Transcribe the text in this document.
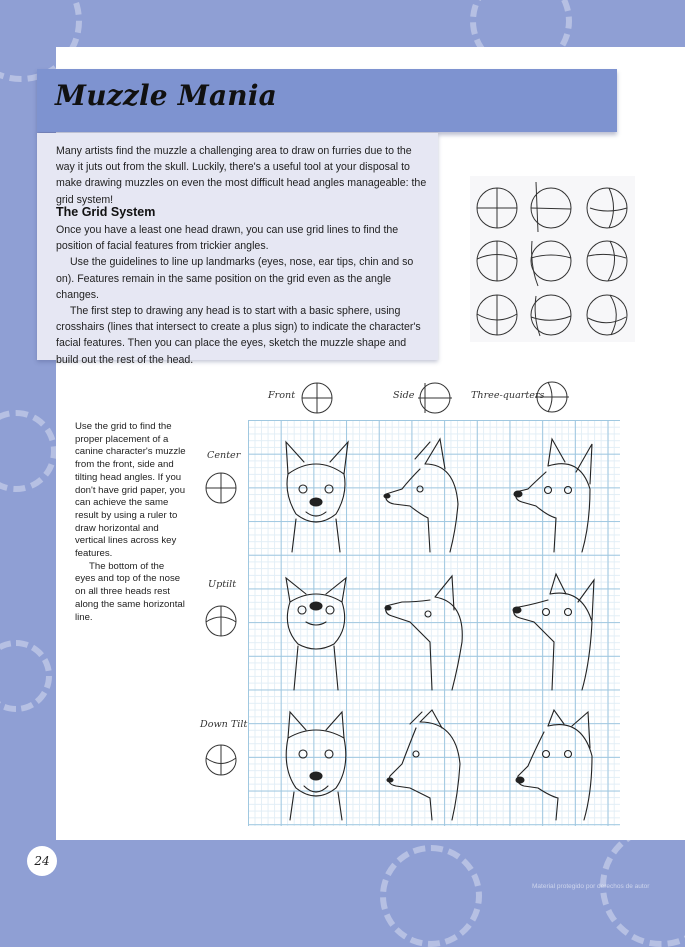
Muzzle Mania

Many artists find the muzzle a challenging area to draw on furries due to the way it juts out from the skull. Luckily, there's a useful tool at your disposal to make drawing muzzles on even the most difficult head angles manageable: the grid system!

The Grid System

Once you have a least one head drawn, you can use grid lines to find the position of facial features from trickier angles.

Use the guidelines to line up landmarks (eyes, nose, ear tips, chin and so on). Features remain in the same position on the grid even as the angle changes.

The first step to drawing any head is to start with a basic sphere, using crosshairs (lines that intersect to create a plus sign) to indicate the character's facial features. Then you can place the eyes, sketch the muzzle shape and build out the rest of the head.

Use the grid to find the proper placement of a canine character's muzzle from the front, side and tilting head angles. If you don't have grid paper, you can achieve the same result by using a ruler to draw horizontal and vertical lines across key features.

The bottom of the eyes and top of the nose on all three heads rest along the same horizontal line.

Front	Side	Three-quarters

Center

Uptilt

Down Tilt

24

Material protegido por derechos de autor
